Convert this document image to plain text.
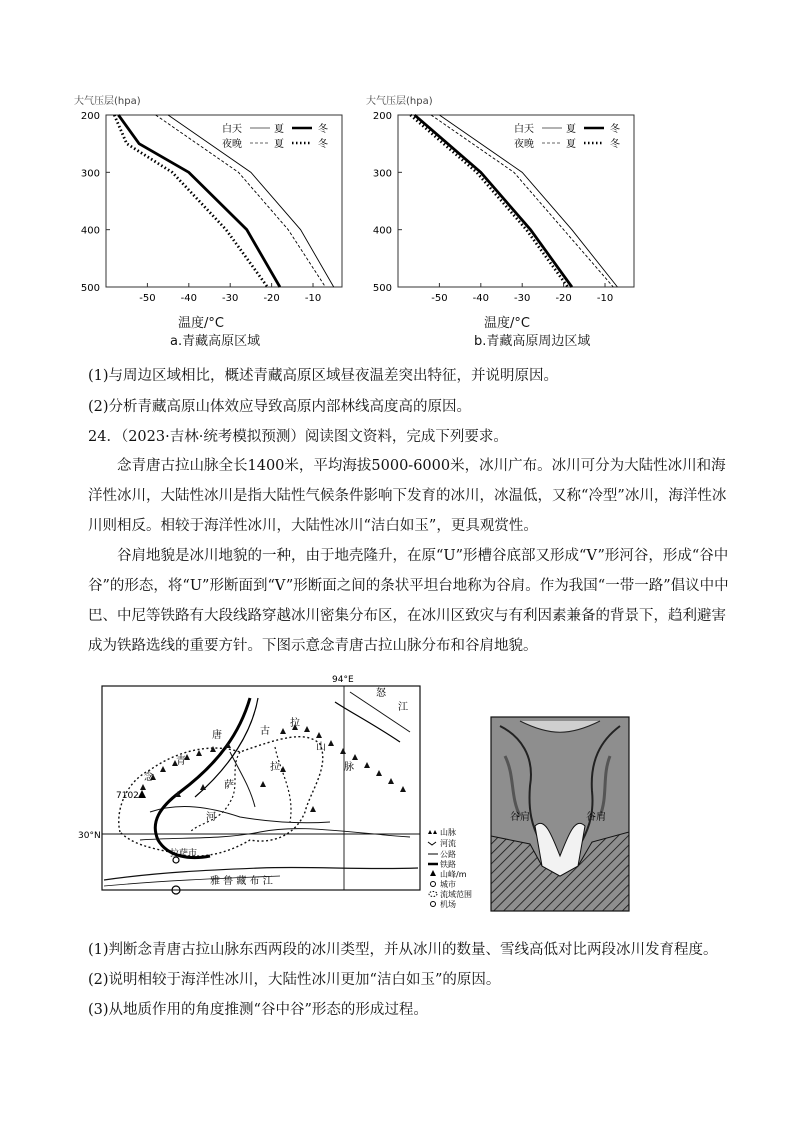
大气压层(hpa)
-50	-40	-30	-20	-10
200
300
400
500
白天	夏	冬
夜晚	夏	冬
温度/°C
a.青藏高原区域
大气压层(hpa)
-50	-40	-30	-20	-10
200
300
400
500
白天	夏	冬
夜晚	夏	冬
温度/°C
b.青藏高原周边区域
(1)与周边区域相比，概述青藏高原区域昼夜温差突出特征，并说明原因。
(2)分析青藏高原山体效应导致高原内部林线高度高的原因。
24．（2023·吉林·统考模拟预测）阅读图文资料，完成下列要求。
念青唐古拉山脉全长1400米，平均海拔5000-6000米，冰川广布。冰川可分为大陆性冰川和海洋性冰川，大陆性冰川是指大陆性气候条件影响下发育的冰川，冰温低，又称“冷型”冰川，海洋性冰川则相反。相较于海洋性冰川，大陆性冰川“洁白如玉”，更具观赏性。
谷肩地貌是冰川地貌的一种，由于地壳隆升，在原“U”形槽谷底部又形成“V”形河谷，形成“谷中谷”的形态，将“U”形断面到“V”形断面之间的条状平坦台地称为谷肩。作为我国“一带一路”倡议中中巴、中尼等铁路有大段线路穿越冰川密集分布区，在冰川区致灾与有利因素兼备的背景下，趋利避害成为铁路选线的重要方针。下图示意念青唐古拉山脉分布和谷肩地貌。
94°E
30°N
7102
念
青
唐	古
拉
山
脉
怒
江
拉
萨
河
雅 鲁 藏 布 江
拉萨市
山脉
河流
公路
铁路
山峰/m
城市
流域范围
机场
谷肩	谷肩
(1)判断念青唐古拉山脉东西两段的冰川类型，并从冰川的数量、雪线高低对比两段冰川发育程度。
(2)说明相较于海洋性冰川，大陆性冰川更加“洁白如玉”的原因。
(3)从地质作用的角度推测“谷中谷”形态的形成过程。
